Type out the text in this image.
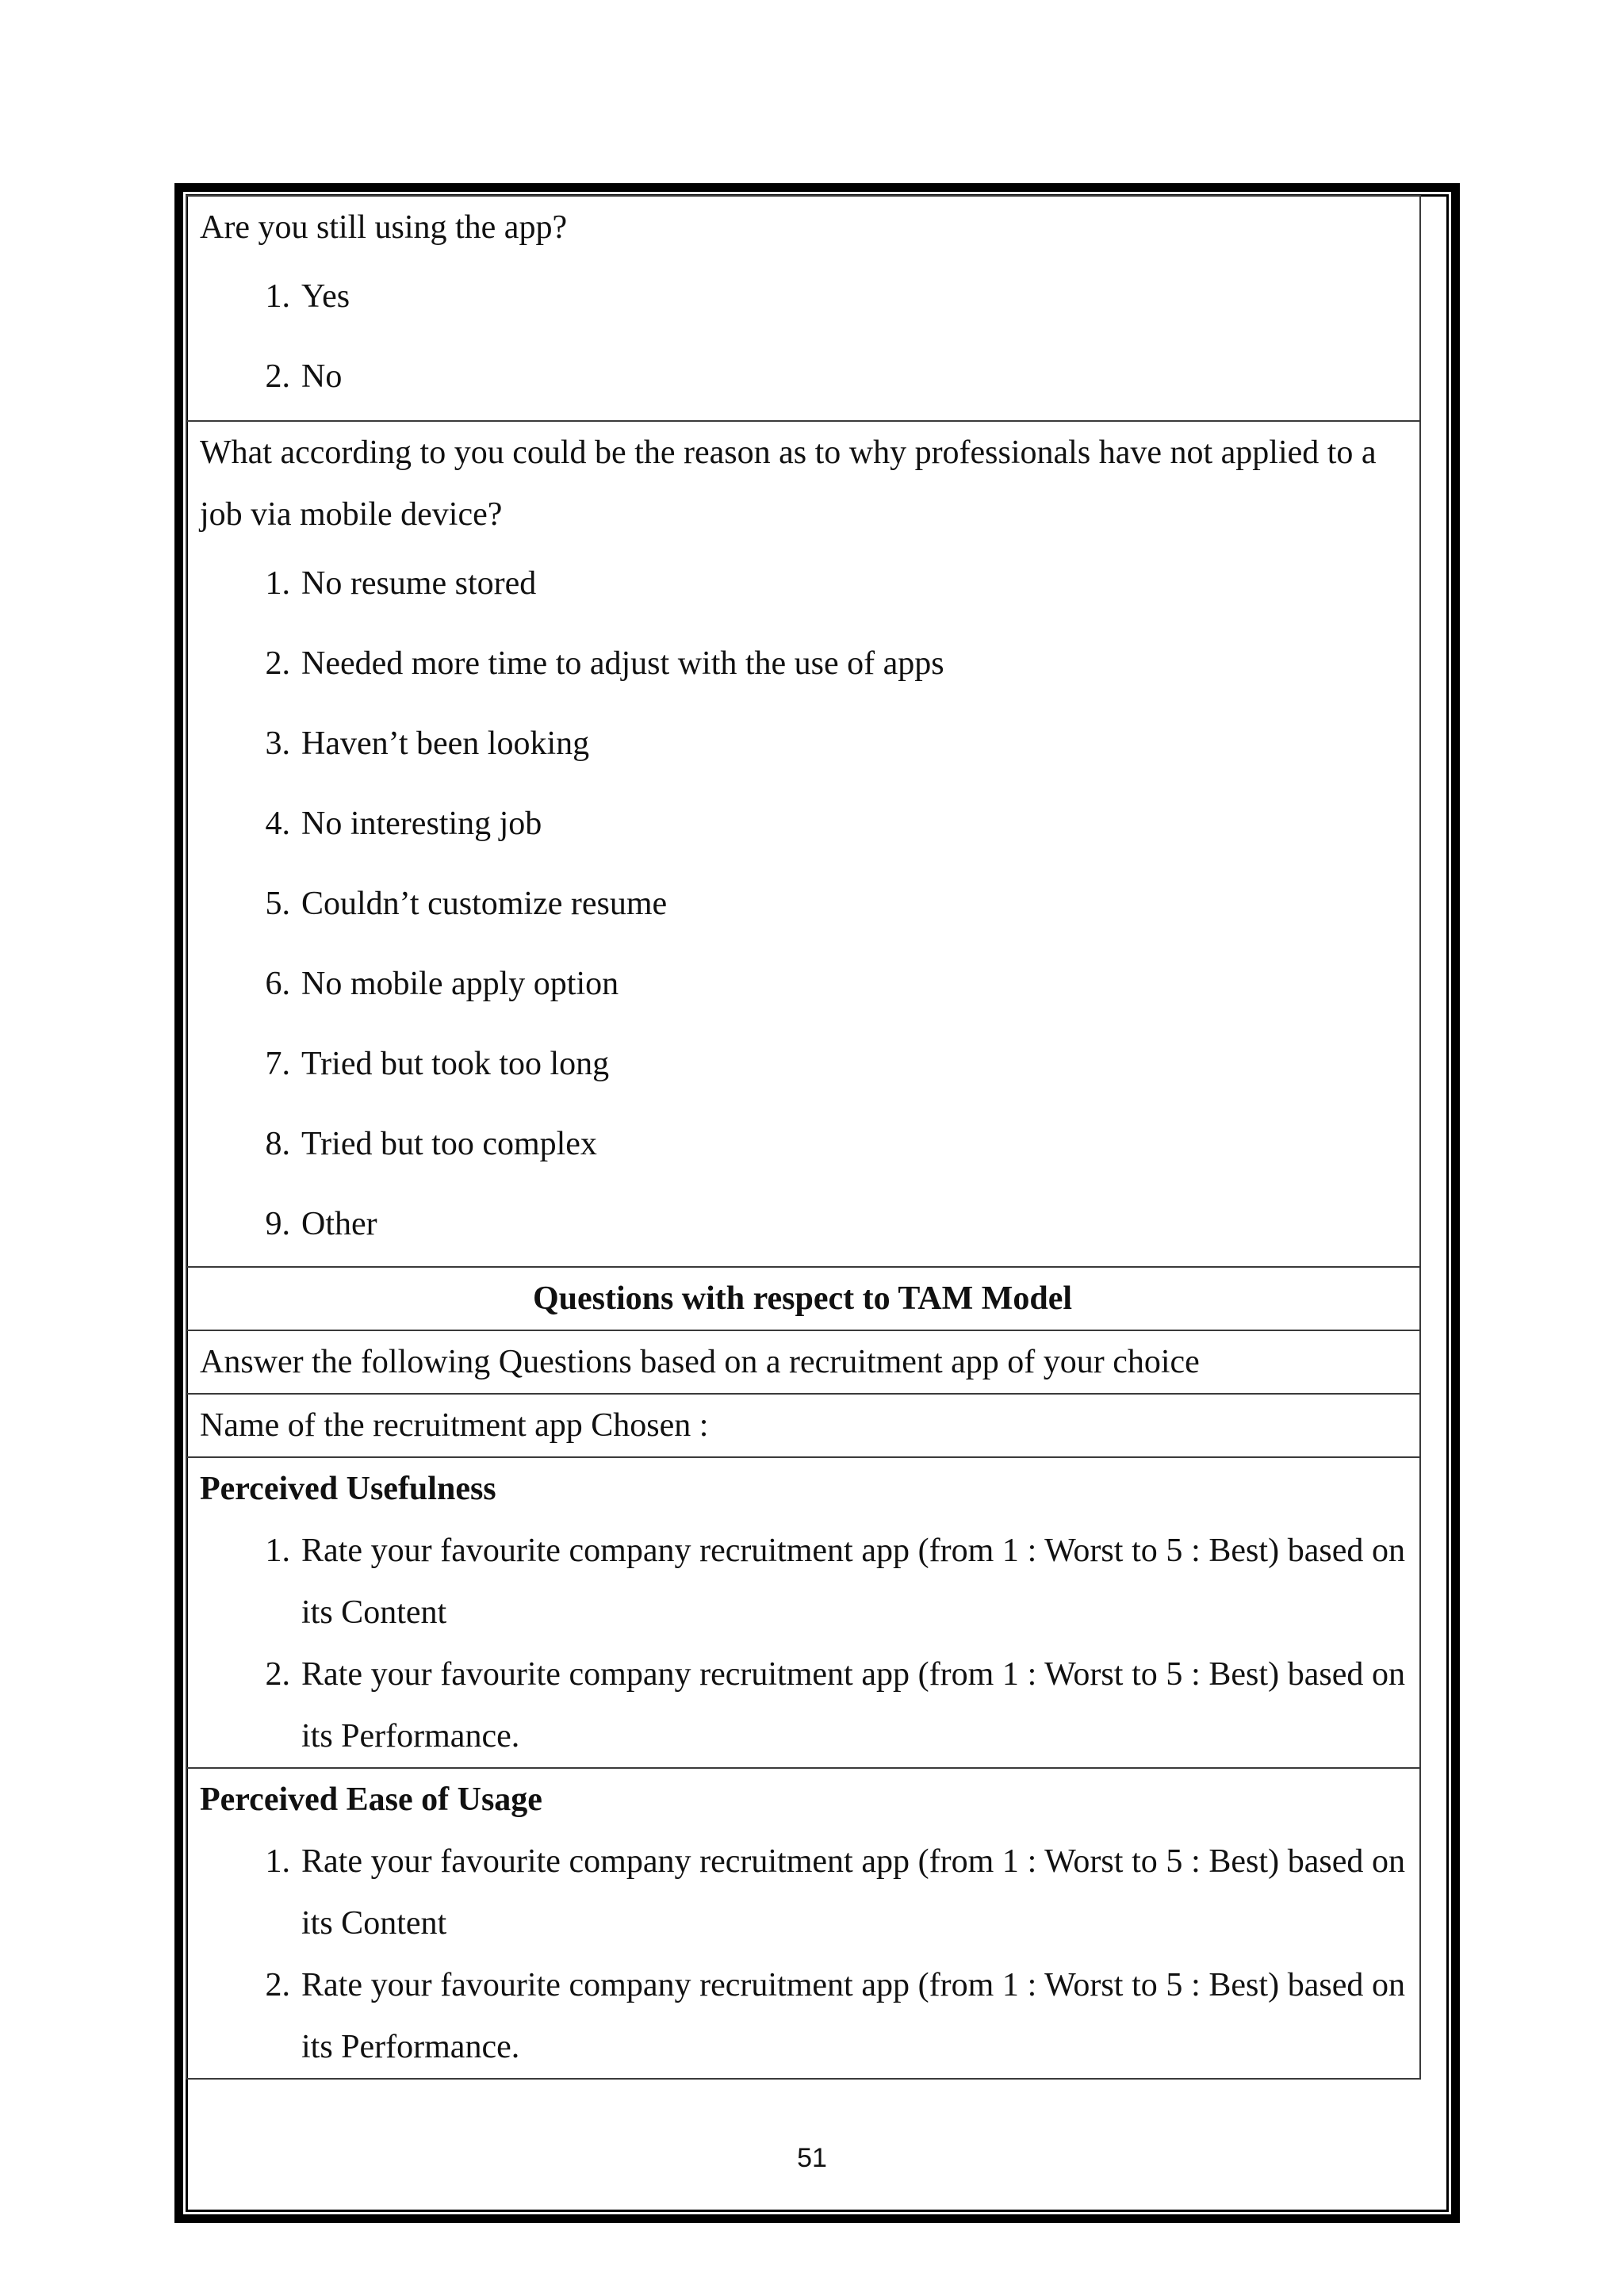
Are you still using the app?

1. Yes
2. No

What according to you could be the reason as to why professionals have not applied to a job via mobile device?

1. No resume stored
2. Needed more time to adjust with the use of apps
3. Haven’t been looking
4. No interesting job
5. Couldn’t customize resume
6. No mobile apply option
7. Tried but took too long
8. Tried but too complex
9. Other

Questions with respect to TAM Model
Answer the following Questions based on a recruitment app of your choice
Name of the recruitment app Chosen :

Perceived Usefulness
1. Rate your favourite company recruitment app (from 1 : Worst to 5 : Best) based on its Content
2. Rate your favourite company recruitment app (from 1 : Worst to 5 : Best) based on its Performance.

Perceived Ease of Usage
1. Rate your favourite company recruitment app (from 1 : Worst to 5 : Best) based on its Content
2. Rate your favourite company recruitment app (from 1 : Worst to 5 : Best) based on its Performance.
51
